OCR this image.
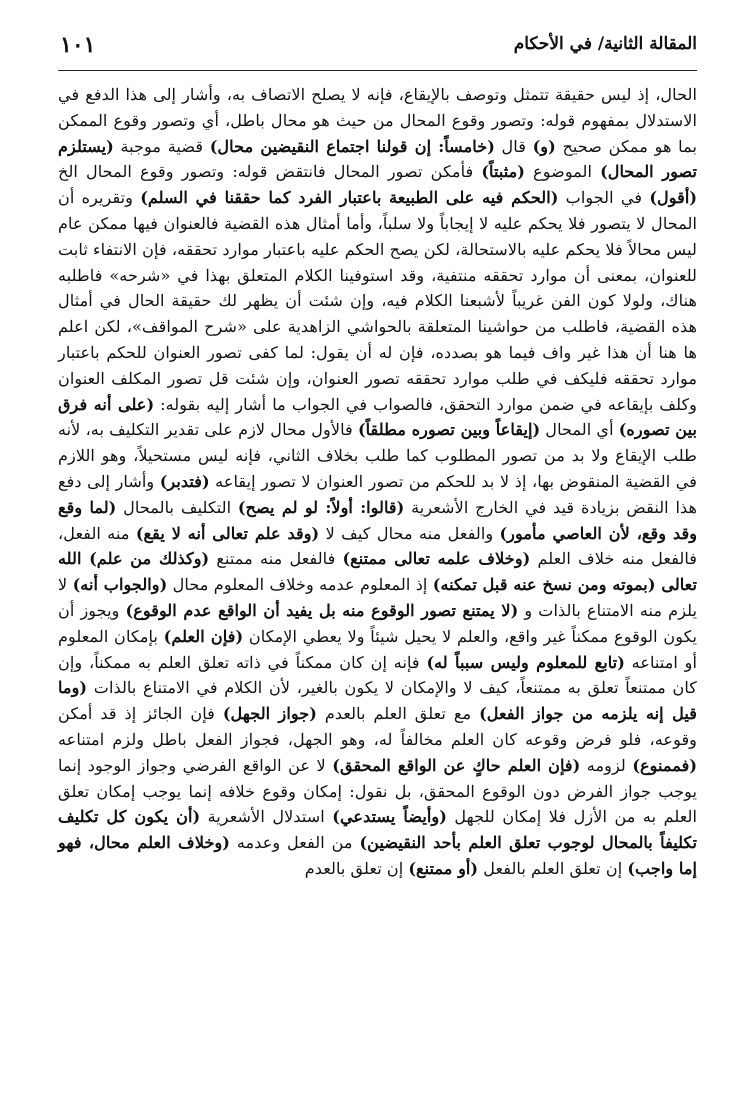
المقالة الثانية/ في الأحكام
١٠١

الحال، إذ ليس حقيقة تتمثل وتوصف بالإيقاع، فإنه لا يصلح الاتصاف به، وأشار إلى هذا الدفع في الاستدلال بمفهوم قوله: وتصور وقوع المحال من حيث هو محال باطل، أي وتصور وقوع الممكن بما هو ممكن صحيح (و) قال (خامساً: إن قولنا اجتماع النقيضين محال) قضية موجبة (يستلزم تصور المحال) الموضوع (مثبتاً) فأمكن تصور المحال فانتقض قوله: وتصور وقوع المحال الخ (أقول) في الجواب (الحكم فيه على الطبيعة باعتبار الفرد كما حققنا في السلم) وتقريره أن المحال لا يتصور فلا يحكم عليه لا إيجاباً ولا سلباً، وأما أمثال هذه القضية فالعنوان فيها ممكن عام ليس محالاً فلا يحكم عليه بالاستحالة، لكن يصح الحكم عليه باعتبار موارد تحققه، فإن الانتفاء ثابت للعنوان، بمعنى أن موارد تحققه منتفية، وقد استوفينا الكلام المتعلق بهذا في «شرحه» فاطلبه هناك، ولولا كون الفن غريباً لأشبعنا الكلام فيه، وإن شئت أن يظهر لك حقيقة الحال في أمثال هذه القضية، فاطلب من حواشينا المتعلقة بالحواشي الزاهدية على «شرح المواقف»، لكن اعلم ها هنا أن هذا غير واف فيما هو بصدده، فإن له أن يقول: لما كفى تصور العنوان للحكم باعتبار موارد تحققه فليكف في طلب موارد تحققه تصور العنوان، وإن شئت قل تصور المكلف العنوان وكلف بإيقاعه في ضمن موارد التحقق، فالصواب في الجواب ما أشار إليه بقوله: (على أنه فرق بين تصوره) أي المحال (إيقاعاً وبين تصوره مطلقاً) فالأول محال لازم على تقدير التكليف به، لأنه طلب الإيقاع ولا بد من تصور المطلوب كما طلب بخلاف الثاني، فإنه ليس مستحيلاً، وهو اللازم في القضية المنقوض بها، إذ لا بد للحكم من تصور العنوان لا تصور إيقاعه (فتدبر) وأشار إلى دفع هذا النقض بزيادة قيد في الخارج الأشعرية (قالوا: أولاً: لو لم يصح) التكليف بالمحال (لما وقع وقد وقع، لأن العاصي مأمور) والفعل منه محال كيف لا (وقد علم تعالى أنه لا يقع) منه الفعل، فالفعل منه خلاف العلم (وخلاف علمه تعالى ممتنع) فالفعل منه ممتنع (وكذلك من علم) الله تعالى (بموته ومن نسخ عنه قبل تمكنه) إذ المعلوم عدمه وخلاف المعلوم محال (والجواب أنه) لا يلزم منه الامتناع بالذات و (لا يمتنع تصور الوقوع منه بل يفيد أن الواقع عدم الوقوع) ويجوز أن يكون الوقوع ممكناً غير واقع، والعلم لا يحيل شيئاً ولا يعطي الإمكان (فإن العلم) بإمكان المعلوم أو امتناعه (تابع للمعلوم وليس سبباً له) فإنه إن كان ممكناً في ذاته تعلق العلم به ممكناً، وإن كان ممتنعاً تعلق به ممتنعاً، كيف لا والإمكان لا يكون بالغير، لأن الكلام في الامتناع بالذات (وما قيل إنه يلزمه من جواز الفعل) مع تعلق العلم بالعدم (جواز الجهل) فإن الجائز إذ قد أمكن وقوعه، فلو فرض وقوعه كان العلم مخالفاً له، وهو الجهل، فجواز الفعل باطل ولزم امتناعه (فممنوع) لزومه (فإن العلم حاكٍ عن الواقع المحقق) لا عن الواقع الفرضي وجواز الوجود إنما يوجب جواز الفرض دون الوقوع المحقق، بل نقول: إمكان وقوع خلافه إنما يوجب إمكان تعلق العلم به من الأزل فلا إمكان للجهل (وأيضاً يستدعي) استدلال الأشعرية (أن يكون كل تكليف تكليفاً بالمحال لوجوب تعلق العلم بأحد النقيضين) من الفعل وعدمه (وخلاف العلم محال، فهو إما واجب) إن تعلق العلم بالفعل (أو ممتنع) إن تعلق بالعدم
